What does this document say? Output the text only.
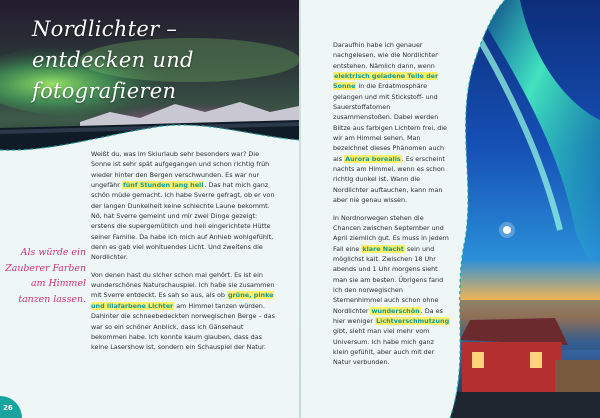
Nordlichter – entdecken und fotografieren

Als würde ein Zauberer Farben am Himmel tanzen lassen.

Weißt du, was im Skiurlaub sehr besonders war? Die Sonne ist sehr spät aufgegangen und schon richtig früh wieder hinter den Bergen verschwunden. Es war nur ungefähr fünf Stunden lang hell. Das hat mich ganz schön müde gemacht. Ich habe Sverre gefragt, ob er von der langen Dunkelheit keine schlechte Laune bekommt. Nö, hat Sverre gemeint und mir zwei Dinge gezeigt: erstens die supergemütlich und hell eingerichtete Hütte seiner Familie. Da habe ich mich auf Anhieb wohlgefühlt, denn es gab viel wohltuendes Licht. Und zweitens die Nordlichter.

Von denen hast du sicher schon mal gehört. Es ist ein wunderschönes Naturschauspiel. Ich habe sie zusammen mit Sverre entdeckt. Es sah so aus, als ob grüne, pinke und lilafarbene Lichter am Himmel tanzen würden. Dahinter die schneebedeckten norwegischen Berge – das war so ein schöner Anblick, dass ich Gänsehaut bekommen habe. Ich konnte kaum glauben, dass das keine Lasershow ist, sondern ein Schauspiel der Natur.

Daraufhin habe ich genauer nachgelesen, wie die Nordlichter entstehen. Nämlich dann, wenn elektrisch geladene Teile der Sonne in die Erdatmosphäre gelangen und mit Stickstoff- und Sauerstoffatomen zusammenstoßen. Dabei werden Blitze aus farbigen Lichtern frei, die wir am Himmel sehen. Man bezeichnet dieses Phänomen auch als Aurora borealis. Es erscheint nachts am Himmel, wenn es schon richtig dunkel ist. Wann die Nordlichter auftauchen, kann man aber nie genau wissen.

In Nordnorwegen stehen die Chancen zwischen September und April ziemlich gut. Es muss in jedem Fall eine klare Nacht sein und möglichst kalt. Zwischen 18 Uhr abends und 1 Uhr morgens sieht man sie am besten. Übrigens fand ich den norwegischen Sternenhimmel auch schon ohne Nordlichter wunderschön. Da es hier weniger Lichtverschmutzung gibt, sieht man viel mehr vom Universum. Ich habe mich ganz klein gefühlt, aber auch mit der Natur verbunden.

26
